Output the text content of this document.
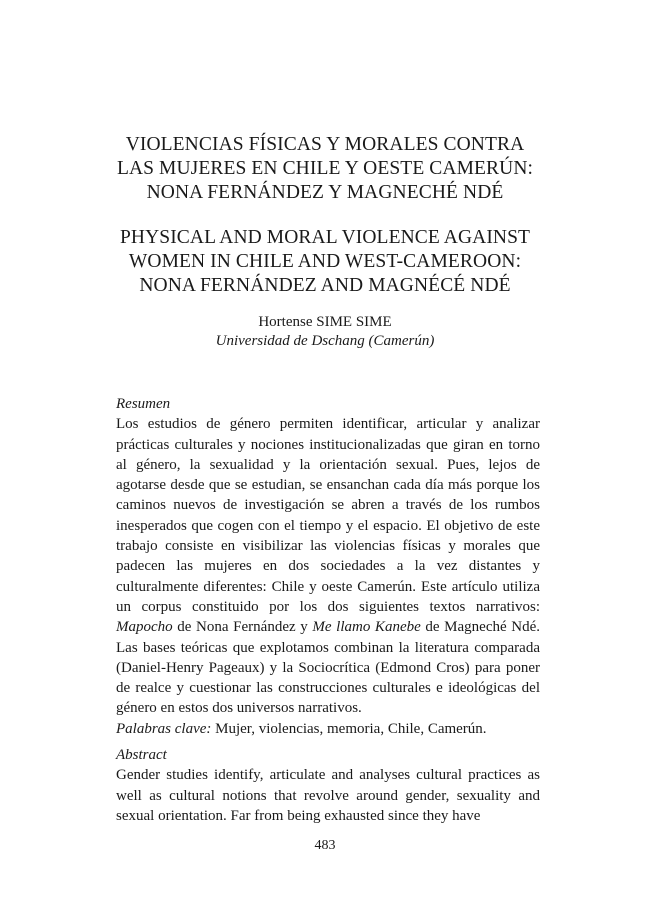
VIOLENCIAS FÍSICAS Y MORALES CONTRA LAS MUJERES EN CHILE Y OESTE CAMERÚN: NONA FERNÁNDEZ Y MAGNECHÉ NDÉ
PHYSICAL AND MORAL VIOLENCE AGAINST WOMEN IN CHILE AND WEST-CAMEROON: NONA FERNÁNDEZ AND MAGNÉCÉ NDÉ
Hortense SIME SIME
Universidad de Dschang (Camerún)
Resumen
Los estudios de género permiten identificar, articular y analizar prácticas culturales y nociones institucionalizadas que giran en torno al género, la sexualidad y la orientación sexual. Pues, lejos de agotarse desde que se estudian, se ensanchan cada día más porque los caminos nuevos de investigación se abren a través de los rumbos inesperados que cogen con el tiempo y el espacio. El objetivo de este trabajo consiste en visibilizar las violencias físicas y morales que padecen las mujeres en dos sociedades a la vez distantes y culturalmente diferentes: Chile y oeste Camerún. Este artículo utiliza un corpus constituido por los dos siguientes textos narrativos: Mapocho de Nona Fernández y Me llamo Kanebe de Magneché Ndé. Las bases teóricas que explotamos combinan la literatura comparada (Daniel-Henry Pageaux) y la Sociocrítica (Edmond Cros) para poner de realce y cuestionar las construcciones culturales e ideológicas del género en estos dos universos narrativos.
Palabras clave: Mujer, violencias, memoria, Chile, Camerún.
Abstract
Gender studies identify, articulate and analyses cultural practices as well as cultural notions that revolve around gender, sexuality and sexual orientation. Far from being exhausted since they have
483
